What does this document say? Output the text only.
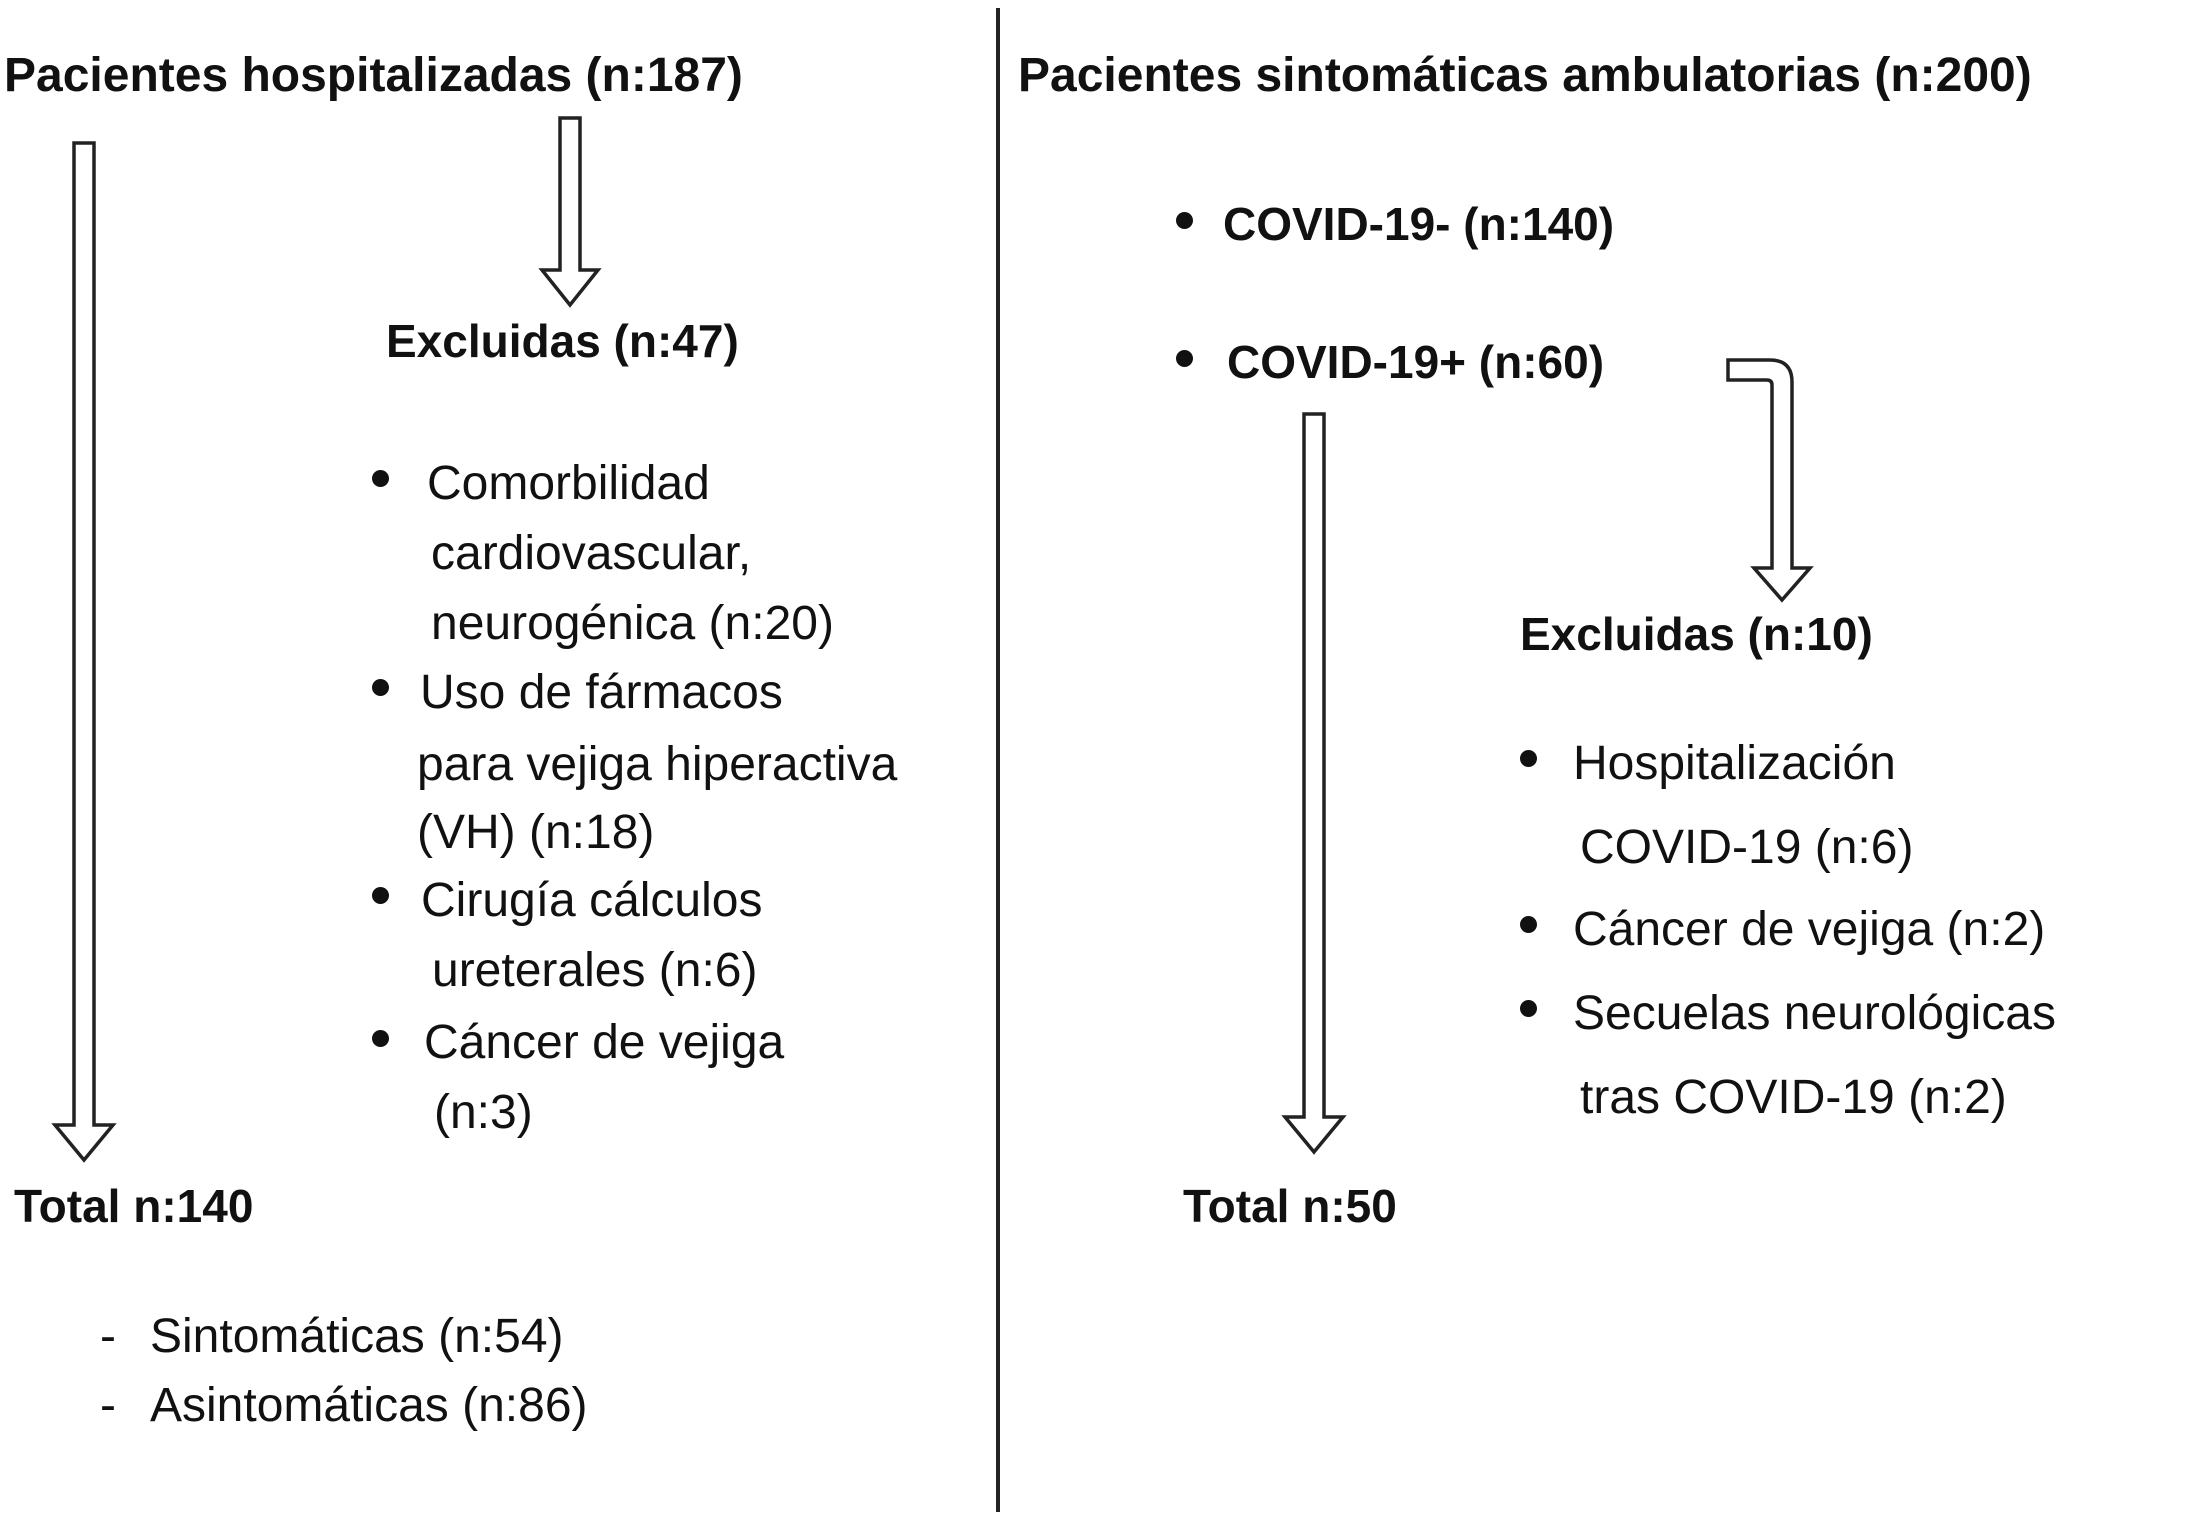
Pacientes hospitalizadas (n:187)
Excluidas (n:47)
Comorbilidad
cardiovascular,
neurogénica (n:20)
Uso de fármacos
para vejiga hiperactiva
(VH) (n:18)
Cirugía cálculos
ureterales (n:6)
Cáncer de vejiga
(n:3)
Total n:140
- Sintomáticas (n:54)
- Asintomáticas (n:86)
Pacientes sintomáticas ambulatorias (n:200)
COVID-19- (n:140)
COVID-19+ (n:60)
Excluidas (n:10)
Hospitalización
COVID-19 (n:6)
Cáncer de vejiga (n:2)
Secuelas neurológicas
tras COVID-19 (n:2)
Total n:50
